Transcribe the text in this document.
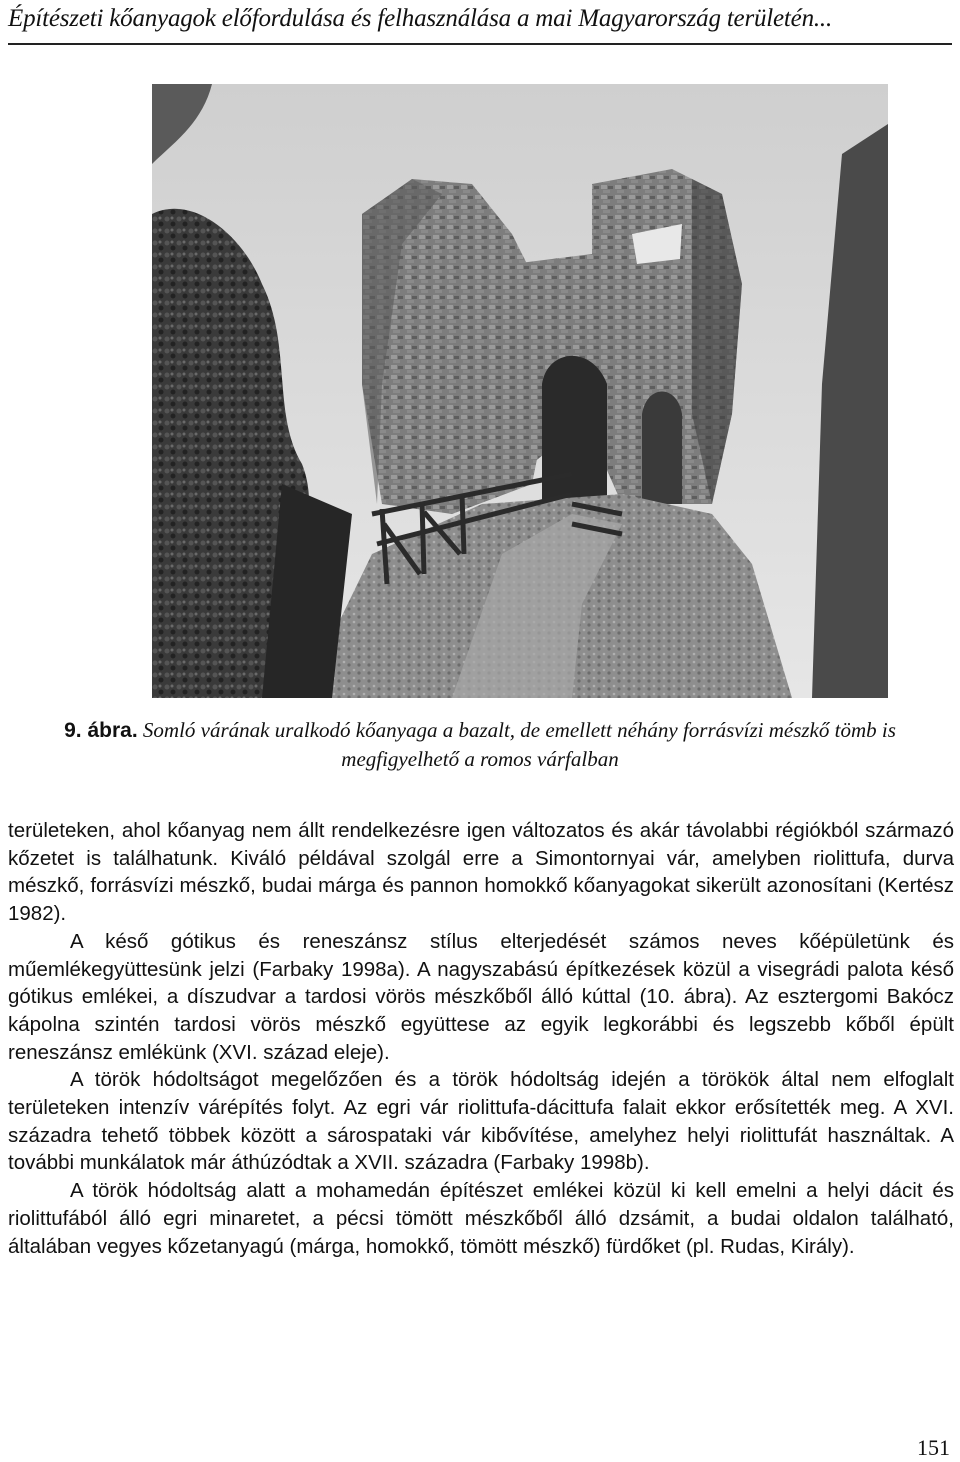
Építészeti kőanyagok előfordulása és felhasználása a mai Magyarország területén...
9. ábra. Somló várának uralkodó kőanyaga a bazalt, de emellett néhány forrásvízi mészkő tömb is megfigyelhető a romos várfalban

területeken, ahol kőanyag nem állt rendelkezésre igen változatos és akár távolabbi régiókból származó kőzetet is találhatunk. Kiváló példával szolgál erre a Simontornyai vár, amelyben riolittufa, durva mészkő, forrásvízi mészkő, budai márga és pannon homokkő kőanyagokat sikerült azonosítani (Kertész 1982).

A késő gótikus és reneszánsz stílus elterjedését számos neves kőépületünk és műemlékegyüttesünk jelzi (Farbaky 1998a). A nagyszabású építkezések közül a visegrádi palota késő gótikus emlékei, a díszudvar a tardosi vörös mészkőből álló kúttal (10. ábra). Az esztergomi Bakócz kápolna szintén tardosi vörös mészkő együttese az egyik legkorábbi és legszebb kőből épült reneszánsz emlékünk (XVI. század eleje).

A török hódoltságot megelőzően és a török hódoltság idején a törökök által nem elfoglalt területeken intenzív várépítés folyt. Az egri vár riolittufa-dácittufa falait ekkor erősítették meg. A XVI. századra tehető többek között a sárospataki vár kibővítése, amelyhez helyi riolittufát használtak. A további munkálatok már áthúzódtak a XVII. századra (Farbaky 1998b).

A török hódoltság alatt a mohamedán építészet emlékei közül ki kell emelni a helyi dácit és riolittufából álló egri minaretet, a pécsi tömött mészkőből álló dzsámit, a budai oldalon található, általában vegyes kőzetanyagú (márga, homokkő, tömött mészkő) fürdőket (pl. Rudas, Király).

151
